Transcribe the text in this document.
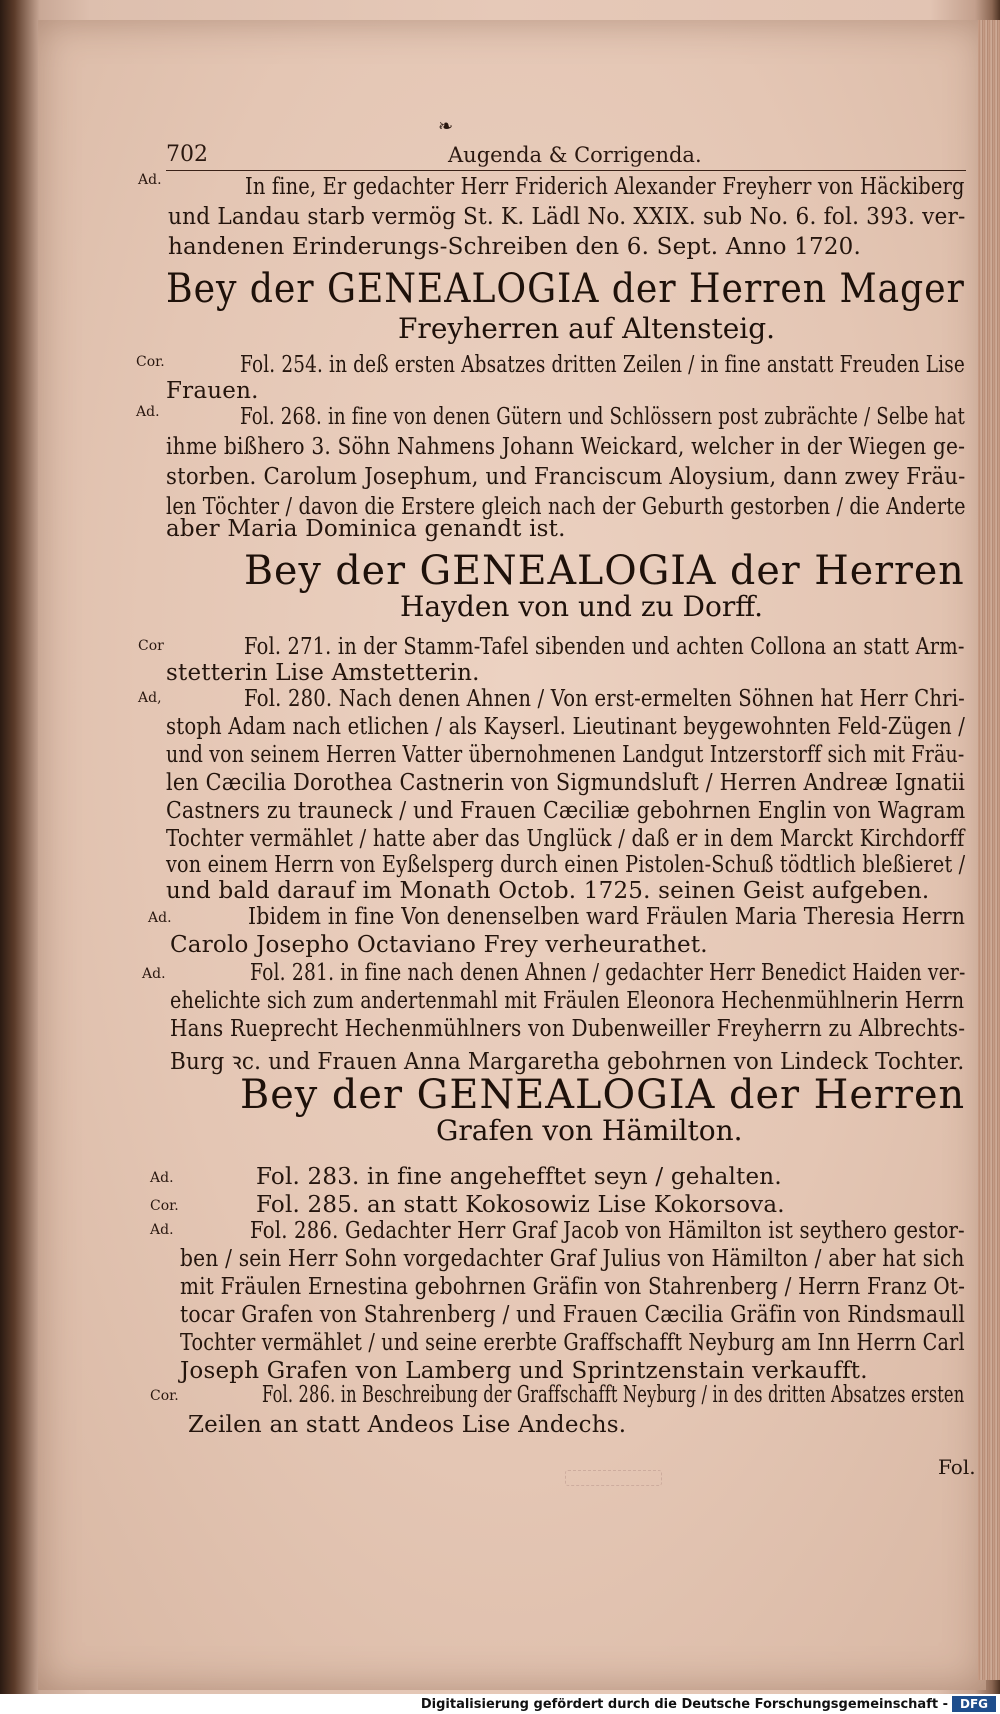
❧
702	Augenda & Corrigenda.
Ad.	In fine, Er gedachter Herr Friderich Alexander Freyherr von Häckiberg
und Landau starb vermög St. K. Lädl No. XXIX. sub No. 6. fol. 393. ver-
handenen Erinderungs-Schreiben den 6. Sept. Anno 1720.
Bey der GENEALOGIA der Herren Mager
Freyherren auf Altensteig.
Cor.	Fol. 254. in deß ersten Absatzes dritten Zeilen / in fine anstatt Freuden Lise
Frauen.
Ad.	Fol. 268. in fine von denen Gütern und Schlössern post zubrächte / Selbe hat
ihme bißhero 3. Söhn Nahmens Johann Weickard, welcher in der Wiegen ge-
storben. Carolum Josephum, und Franciscum Aloysium, dann zwey Fräu-
len Töchter / davon die Erstere gleich nach der Geburth gestorben / die Anderte
aber Maria Dominica genandt ist.
Bey der GENEALOGIA der Herren
Hayden von und zu Dorff.
Cor	Fol. 271. in der Stamm-Tafel sibenden und achten Collona an statt Arm-
stetterin Lise Amstetterin.
Ad,	Fol. 280. Nach denen Ahnen / Von erst-ermelten Söhnen hat Herr Chri-
stoph Adam nach etlichen / als Kayserl. Lieutinant beygewohnten Feld-Zügen /
und von seinem Herren Vatter übernohmenen Landgut Intzerstorff sich mit Fräu-
len Cæcilia Dorothea Castnerin von Sigmundsluft / Herren Andreæ Ignatii
Castners zu trauneck / und Frauen Cæciliæ gebohrnen Englin von Wagram
Tochter vermählet / hatte aber das Unglück / daß er in dem Marckt Kirchdorff
von einem Herrn von Eyßelsperg durch einen Pistolen-Schuß tödtlich bleßieret /
und bald darauf im Monath Octob. 1725. seinen Geist aufgeben.
Ad.	Ibidem in fine Von denenselben ward Fräulen Maria Theresia Herrn
Carolo Josepho Octaviano Frey verheurathet.
Ad.	Fol. 281. in fine nach denen Ahnen / gedachter Herr Benedict Haiden ver-
ehelichte sich zum andertenmahl mit Fräulen Eleonora Hechenmühlnerin Herrn
Hans Rueprecht Hechenmühlners von Dubenweiller Freyherrn zu Albrechts-
Burg ꝛc. und Frauen Anna Margaretha gebohrnen von Lindeck Tochter.
Bey der GENEALOGIA der Herren
Grafen von Hämilton.
Ad.	Fol. 283. in fine angehefftet seyn / gehalten.
Cor.	Fol. 285. an statt Kokosowiz Lise Kokorsova.
Ad.	Fol. 286. Gedachter Herr Graf Jacob von Hämilton ist seythero gestor-
ben / sein Herr Sohn vorgedachter Graf Julius von Hämilton / aber hat sich
mit Fräulen Ernestina gebohrnen Gräfin von Stahrenberg / Herrn Franz Ot-
tocar Grafen von Stahrenberg / und Frauen Cæcilia Gräfin von Rindsmaull
Tochter vermählet / und seine ererbte Graffschafft Neyburg am Inn Herrn Carl
Joseph Grafen von Lamberg und Sprintzenstain verkaufft.
Cor.	Fol. 286. in Beschreibung der Graffschafft Neyburg / in des dritten Absatzes ersten
Zeilen an statt Andeos Lise Andechs.
Fol.
Digitalisierung gefördert durch die Deutsche Forschungsgemeinschaft - DFG
